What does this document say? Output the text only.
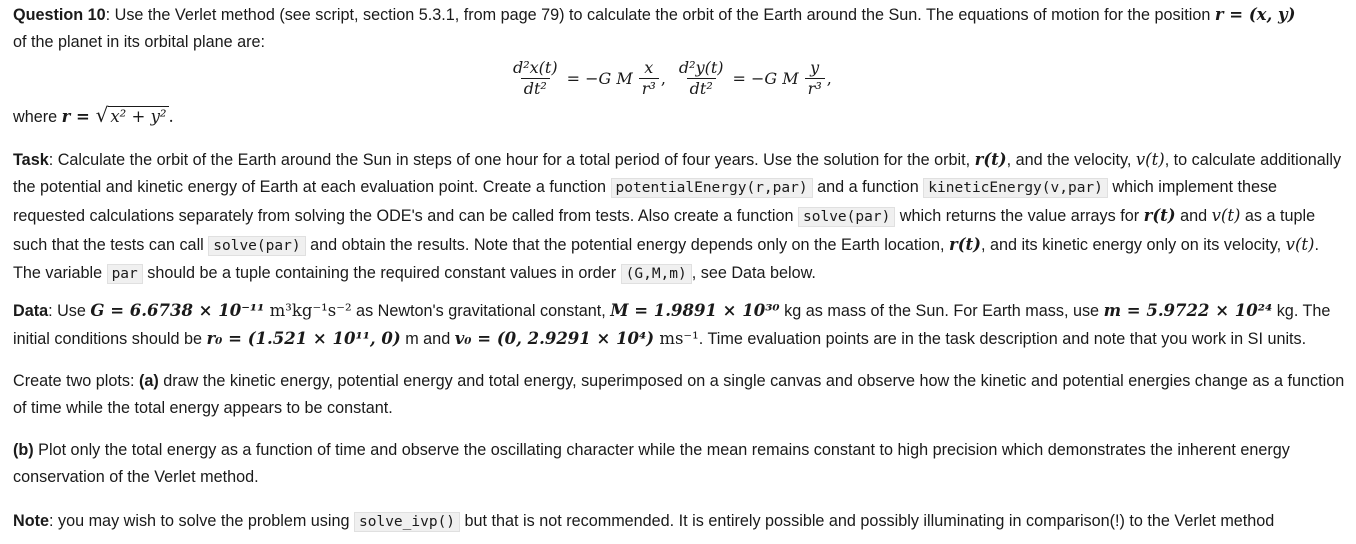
Question 10: Use the Verlet method (see script, section 5.3.1, from page 79) to calculate the orbit of the Earth around the Sun. The equations of motion for the position r = (x, y)
of the planet in its orbital plane are:

$\frac{\text{d²x(t)}}{\text{dt²}} = -G$ M $\frac{x}{\text{r³}}$ , $\frac{\text{d²y(t)}}{\text{dt²}} = -G$ M $\frac{y}{\text{r³}}$ ,

where r = √ x² + y² .

Task: Calculate the orbit of the Earth around the Sun in steps of one hour for a total period of four years. Use the solution for the orbit, r(t), and the velocity, v(t), to calculate additionally the potential and kinetic energy of Earth at each evaluation point. Create a function potentialEnergy(r,par) and a function kineticEnergy(v,par) which implement these requested calculations separately from solving the ODE's and can be called from tests. Also create a function solve(par) which returns the value arrays for r(t) and v(t) as a tuple such that the tests can call solve(par) and obtain the results. Note that the potential energy depends only on the Earth location, r(t), and its kinetic energy only on its velocity, v(t). The variable par should be a tuple containing the required constant values in order (G,M,m) , see Data below.

Data: Use G = 6.6738 × 10⁻¹¹ m³kg⁻¹s⁻² as Newton's gravitational constant, M = 1.9891 × 10³⁰ kg as mass of the Sun. For Earth mass, use m = 5.9722 × 10²⁴ kg. The initial conditions should be r₀ = (1.521 × 10¹¹, 0) m and v₀ = (0, 2.9291 × 10⁴) ms⁻¹. Time evaluation points are in the task description and note that you work in SI units.

Create two plots: (a) draw the kinetic energy, potential energy and total energy, superimposed on a single canvas and observe how the kinetic and potential energies change as a function of time while the total energy appears to be constant.

(b) Plot only the total energy as a function of time and observe the oscillating character while the mean remains constant to high precision which demonstrates the inherent energy conservation of the Verlet method.

Note: you may wish to solve the problem using solve_ivp() but that is not recommended. It is entirely possible and possibly illuminating in comparison(!) to the Verlet method
